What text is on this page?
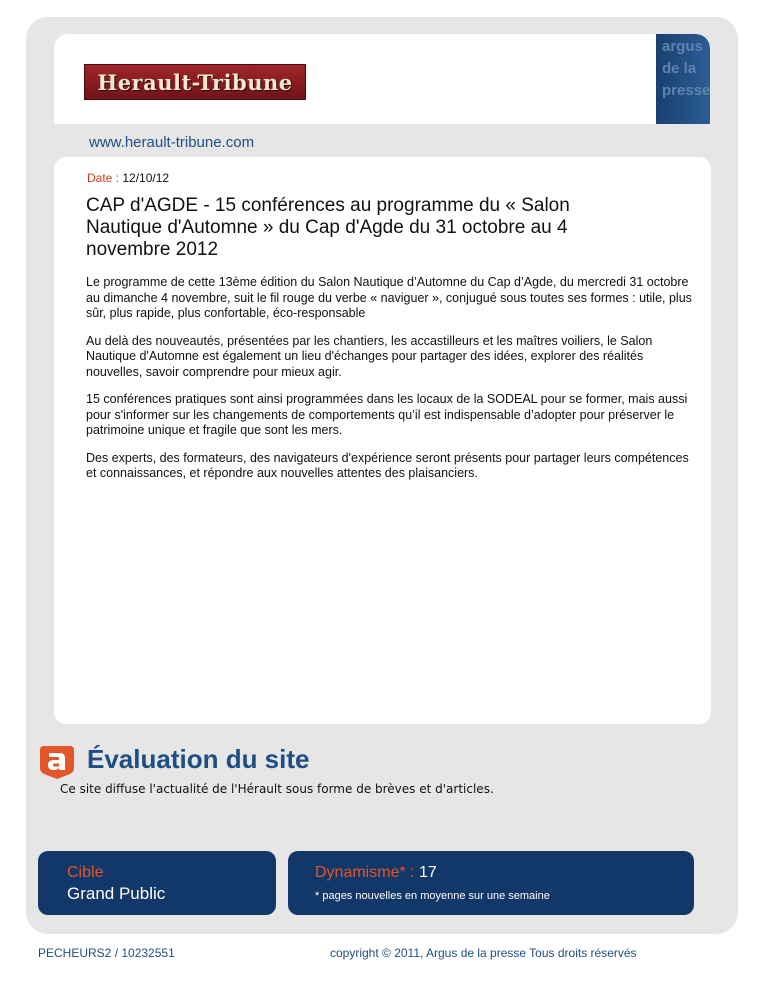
Herault-Tribune
argus
de la
presse
www.herault-tribune.com
Date : 12/10/12
CAP d'AGDE - 15 conférences au programme du « Salon Nautique d'Automne » du Cap d'Agde du 31 octobre au 4 novembre 2012

Le programme de cette 13ème édition du Salon Nautique d’Automne du Cap d’Agde, du mercredi 31 octobre au dimanche 4 novembre, suit le fil rouge du verbe « naviguer », conjugué sous toutes ses formes : utile, plus sûr, plus rapide, plus confortable, éco-responsable

Au delà des nouveautés, présentées par les chantiers, les accastilleurs et les maîtres voiliers, le Salon Nautique d'Automne est également un lieu d'échanges pour partager des idées, explorer des réalités nouvelles, savoir comprendre pour mieux agir.

15 conférences pratiques sont ainsi programmées dans les locaux de la SODEAL pour se former, mais aussi pour s'informer sur les changements de comportements qu’il est indispensable d’adopter pour préserver le patrimoine unique et fragile que sont les mers.

Des experts, des formateurs, des navigateurs d'expérience seront présents pour partager leurs compétences et connaissances, et répondre aux nouvelles attentes des plaisanciers.

Évaluation du site
Ce site diffuse l'actualité de l'Hérault sous forme de brèves et d'articles.
Cible
Grand Public
Dynamisme* : 17
* pages nouvelles en moyenne sur une semaine
PECHEURS2 / 10232551	copyright © 2011, Argus de la presse Tous droits réservés
